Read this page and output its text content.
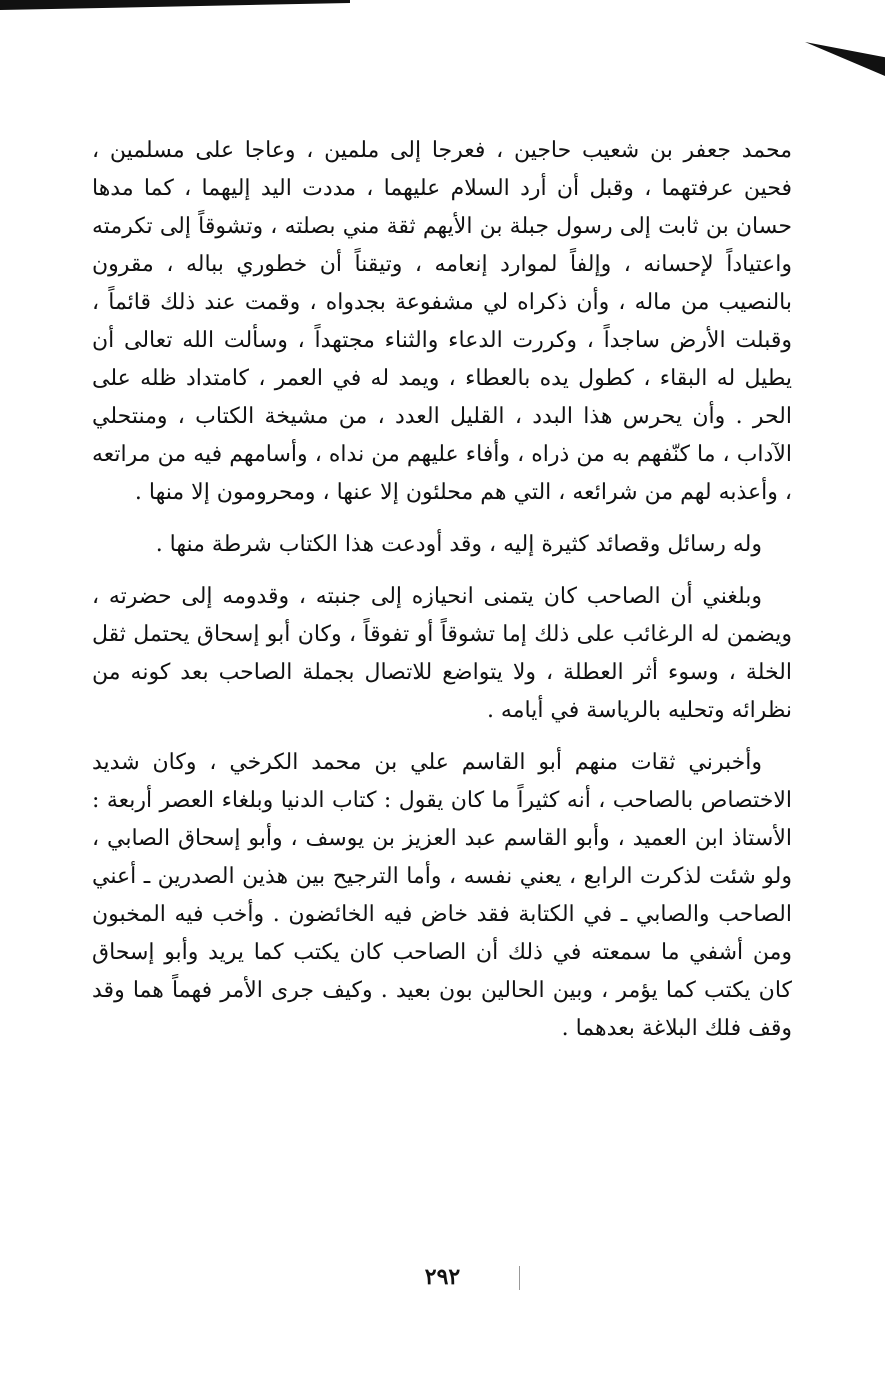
محمد جعفر بن شعيب حاجين ، فعرجا إلى ملمين ، وعاجا على مسلمين ، فحين عرفتهما ، وقبل أن أرد السلام عليهما ، مددت اليد إليهما ، كما مدها حسان بن ثابت إلى رسول جبلة بن الأيهم ثقة مني بصلته ، وتشوقاً إلى تكرمته واعتياداً لإحسانه ، وإلفاً لموارد إنعامه ، وتيقناً أن خطوري بباله ، مقرون بالنصيب من ماله ، وأن ذكراه لي مشفوعة بجدواه ، وقمت عند ذلك قائماً ، وقبلت الأرض ساجداً ، وكررت الدعاء والثناء مجتهداً ، وسألت الله تعالى أن يطيل له البقاء ، كطول يده بالعطاء ، ويمد له في العمر ، كامتداد ظله على الحر . وأن يحرس هذا البدد ، القليل العدد ، من مشيخة الكتاب ، ومنتحلي الآداب ، ما كنّفهم به من ذراه ، وأفاء عليهم من نداه ، وأسامهم فيه من مراتعه ، وأعذبه لهم من شرائعه ، التي هم محلئون إلا عنها ، ومحرومون إلا منها .

وله رسائل وقصائد كثيرة إليه ، وقد أودعت هذا الكتاب شرطة منها .

وبلغني أن الصاحب كان يتمنى انحيازه إلى جنبته ، وقدومه إلى حضرته ، ويضمن له الرغائب على ذلك إما تشوقاً أو تفوقاً ، وكان أبو إسحاق يحتمل ثقل الخلة ، وسوء أثر العطلة ، ولا يتواضع للاتصال بجملة الصاحب بعد كونه من نظرائه وتحليه بالرياسة في أيامه .

وأخبرني ثقات منهم أبو القاسم علي بن محمد الكرخي ، وكان شديد الاختصاص بالصاحب ، أنه كثيراً ما كان يقول : كتاب الدنيا وبلغاء العصر أربعة : الأستاذ ابن العميد ، وأبو القاسم عبد العزيز بن يوسف ، وأبو إسحاق الصابي ، ولو شئت لذكرت الرابع ، يعني نفسه ، وأما الترجيح بين هذين الصدرين ـ أعني الصاحب والصابي ـ في الكتابة فقد خاض فيه الخائضون . وأخب فيه المخبون ومن أشفي ما سمعته في ذلك أن الصاحب كان يكتب كما يريد وأبو إسحاق كان يكتب كما يؤمر ، وبين الحالين بون بعيد . وكيف جرى الأمر فهماً هما وقد وقف فلك البلاغة بعدهما .

٢٩٢
